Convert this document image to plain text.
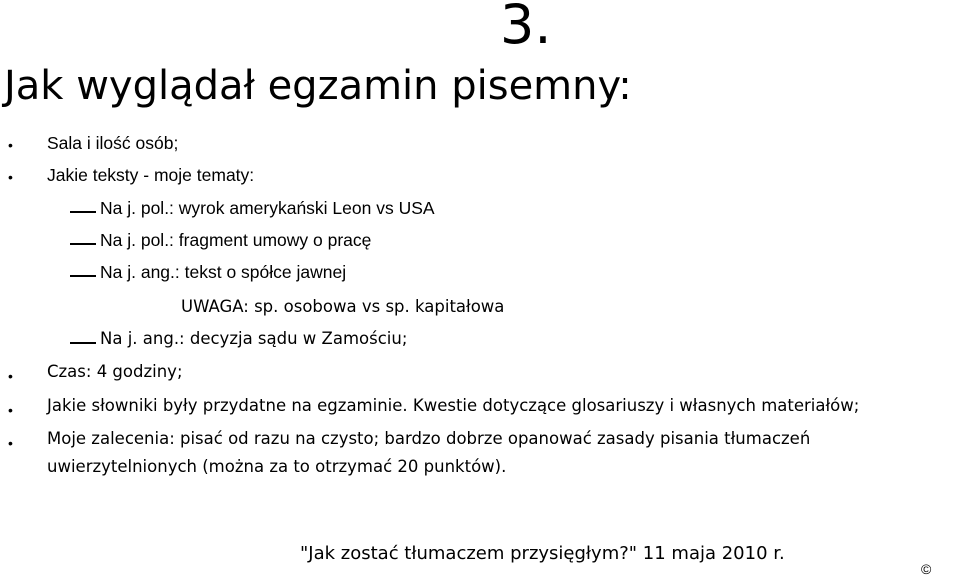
3.
Jak wyglądał egzamin pisemny:
• Sala i ilość osób;
• Jakie teksty - moje tematy:
Na j. pol.: wyrok amerykański Leon vs USA
Na j. pol.: fragment umowy o pracę
Na j. ang.: tekst o spółce jawnej
UWAGA: sp. osobowa vs sp. kapitałowa
Na j. ang.: decyzja sądu w Zamościu;
• Czas: 4 godziny;
• Jakie słowniki były przydatne na egzaminie. Kwestie dotyczące glosariuszy i własnych materiałów;
• Moje zalecenia: pisać od razu na czysto; bardzo dobrze opanować zasady pisania tłumaczeń
uwierzytelnionych (można za to otrzymać 20 punktów).
"Jak zostać tłumaczem przysięgłym?" 11 maja 2010 r.
©
